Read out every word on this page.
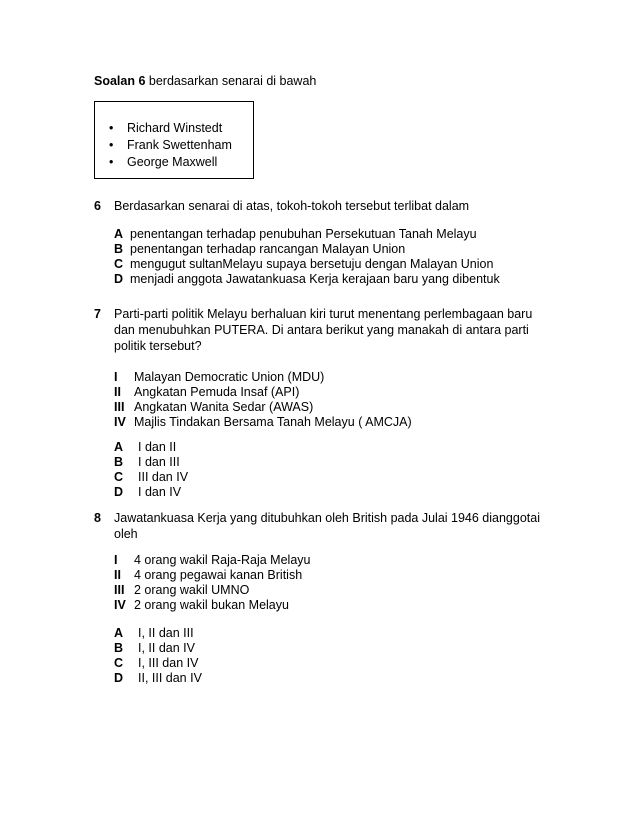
Soalan 6 berdasarkan senarai di bawah
• Richard Winstedt
• Frank Swettenham
• George Maxwell
6 Berdasarkan senarai di atas, tokoh-tokoh tersebut terlibat dalam
A penentangan terhadap penubuhan Persekutuan Tanah Melayu
B penentangan terhadap rancangan Malayan Union
C mengugut sultanMelayu supaya bersetuju dengan Malayan Union
D menjadi anggota Jawatankuasa Kerja kerajaan baru yang dibentuk
7 Parti-parti politik Melayu berhaluan kiri turut menentang perlembagaan baru dan menubuhkan PUTERA. Di antara berikut yang manakah di antara parti politik tersebut?
I Malayan Democratic Union (MDU)
II Angkatan Pemuda Insaf (API)
III Angkatan Wanita Sedar (AWAS)
IV Majlis Tindakan Bersama Tanah Melayu ( AMCJA)
A I dan II
B I dan III
C III dan IV
D I dan IV
8 Jawatankuasa Kerja yang ditubuhkan oleh British pada Julai 1946 dianggotai oleh
I 4 orang wakil Raja-Raja Melayu
II 4 orang pegawai kanan British
III 2 orang wakil UMNO
IV 2 orang wakil bukan Melayu
A I, II dan III
B I, II dan IV
C I, III dan IV
D II, III dan IV
